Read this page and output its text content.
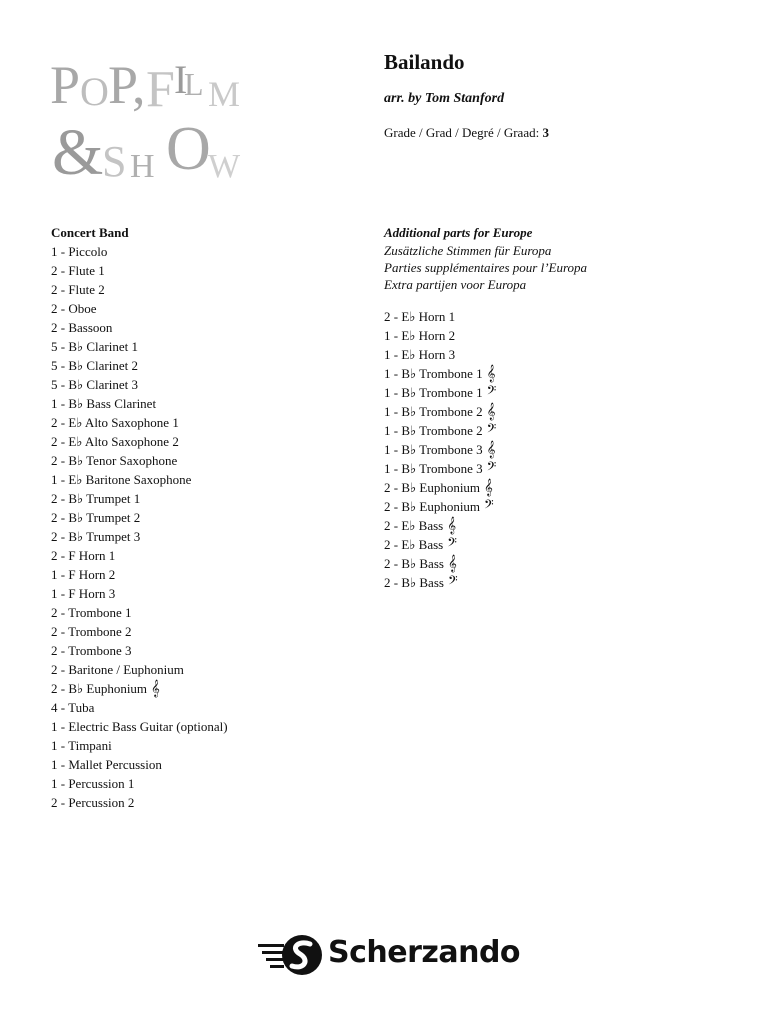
P O P, F I
L M
&
S H O
W
Bailando
arr. by Tom Stanford
Grade / Grad / Degré / Graad: 3
Concert Band
1 - Piccolo
2 - Flute 1
2 - Flute 2
2 - Oboe
2 - Bassoon
5 - B♭ Clarinet 1
5 - B♭ Clarinet 2
5 - B♭ Clarinet 3
1 - B♭ Bass Clarinet
2 - E♭ Alto Saxophone 1
2 - E♭ Alto Saxophone 2
2 - B♭ Tenor Saxophone
1 - E♭ Baritone Saxophone
2 - B♭ Trumpet 1
2 - B♭ Trumpet 2
2 - B♭ Trumpet 3
2 - F Horn 1
1 - F Horn 2
1 - F Horn 3
2 - Trombone 1
2 - Trombone 2
2 - Trombone 3
2 - Baritone / Euphonium
2 - B♭ Euphonium 𝄞
4 - Tuba
1 - Electric Bass Guitar (optional)
1 - Timpani
1 - Mallet Percussion
1 - Percussion 1
2 - Percussion 2
Additional parts for Europe
Zusätzliche Stimmen für Europa
Parties supplémentaires pour l’Europa
Extra partijen voor Europa
2 - E♭ Horn 1
1 - E♭ Horn 2
1 - E♭ Horn 3
1 - B♭ Trombone 1 𝄞
1 - B♭ Trombone 1 𝄢
1 - B♭ Trombone 2 𝄞
1 - B♭ Trombone 2 𝄢
1 - B♭ Trombone 3 𝄞
1 - B♭ Trombone 3 𝄢
2 - B♭ Euphonium 𝄞
2 - B♭ Euphonium 𝄢
2 - E♭ Bass 𝄞
2 - E♭ Bass 𝄢
2 - B♭ Bass 𝄞
2 - B♭ Bass 𝄢
Scherzando
